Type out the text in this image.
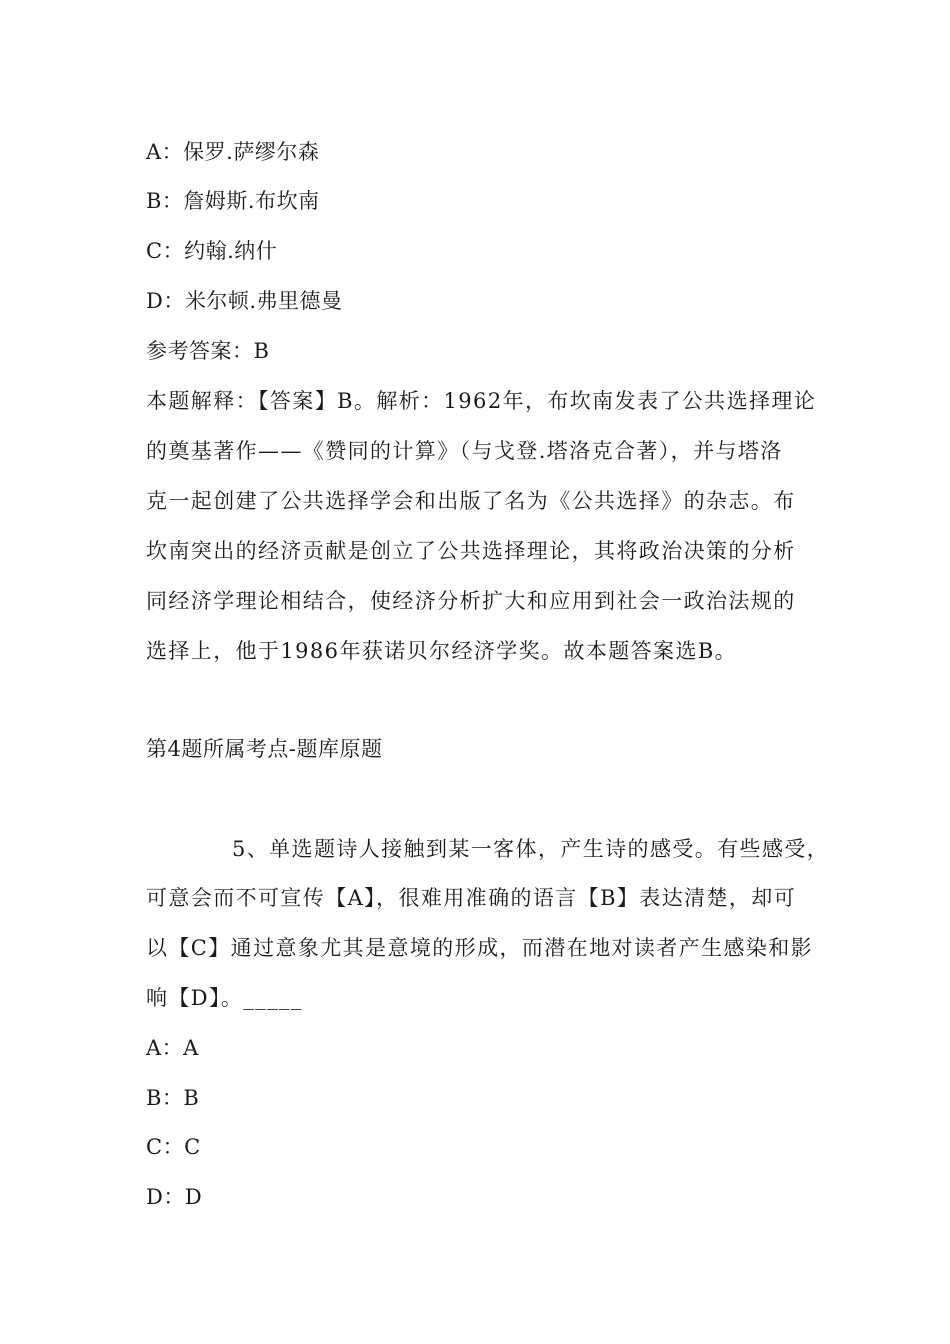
A：保罗.萨缪尔森
B：詹姆斯.布坎南
C：约翰.纳什
D：米尔顿.弗里德曼
参考答案：B
本题解释：【答案】B。解析：1962年，布坎南发表了公共选择理论
的奠基著作——《赞同的计算》（与戈登.塔洛克合著），并与塔洛
克一起创建了公共选择学会和出版了名为《公共选择》的杂志。布
坎南突出的经济贡献是创立了公共选择理论，其将政治决策的分析
同经济学理论相结合，使经济分析扩大和应用到社会一政治法规的
选择上，他于1986年获诺贝尔经济学奖。故本题答案选B。
第4题所属考点-题库原题
5、单选题诗人接触到某一客体，产生诗的感受。有些感受，
可意会而不可宣传【A】，很难用准确的语言【B】表达清楚，却可
以【C】通过意象尤其是意境的形成，而潜在地对读者产生感染和影
响【D】。_____
A：A
B：B
C：C
D：D
